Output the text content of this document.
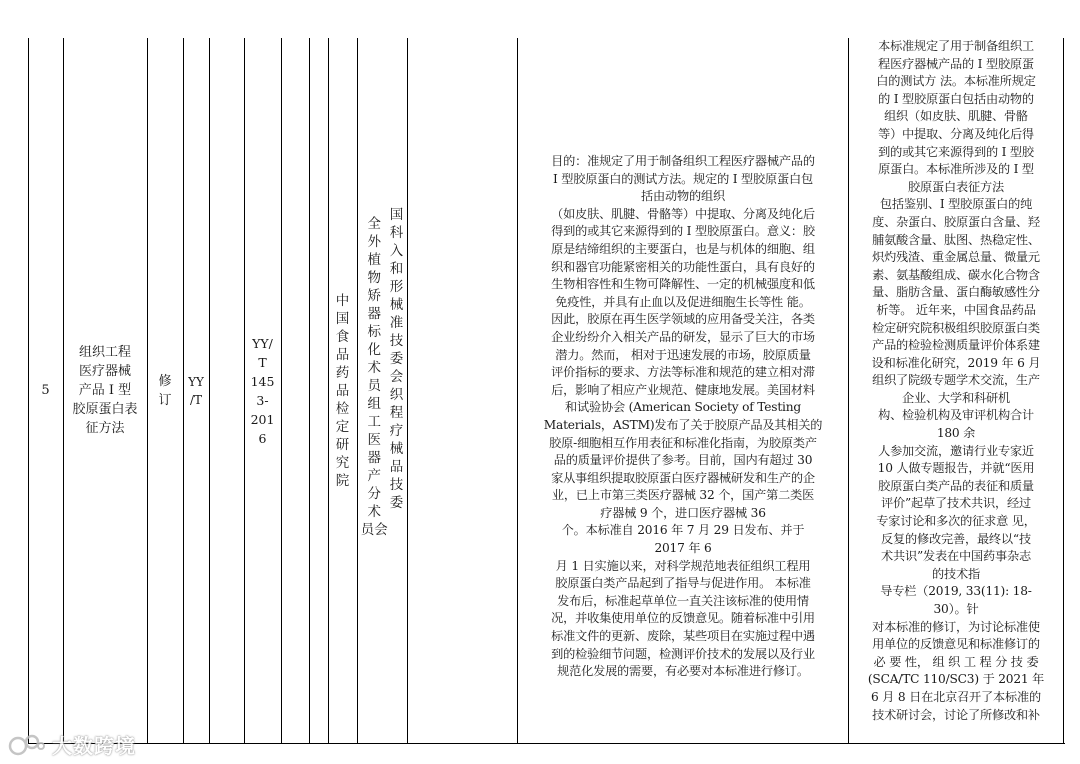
5
组织工程
医疗器械
产品 I 型
胶原蛋白表
征方法
修
订
YY
/T
YY/
T
145
3-
201
6
中
国
食
品
药
品
检
定
研
究
院
全
外
植
物
矫
器
标
化
术
员
组
工
医
器
产
分
术
员会
国
科
入
和
形
械
准
技
委
会
织
程
疗
械
品
技
委
目的：准规定了用于制备组织工程医疗器械产品的
I 型胶原蛋白的测试方法。规定的 I 型胶原蛋白包
括由动物的组织
（如皮肤、肌腱、骨骼等）中提取、分离及纯化后
得到的或其它来源得到的 I 型胶原蛋白。意义：胶
原是结缔组织的主要蛋白，也是与机体的细胞、组
织和器官功能紧密相关的功能性蛋白，具有良好的
生物相容性和生物可降解性、一定的机械强度和低
免疫性，并具有止血以及促进细胞生长等性 能。
因此，胶原在再生医学领域的应用备受关注，各类
企业纷纷介入相关产品的研发，显示了巨大的市场
潜力。然而， 相对于迅速发展的市场，胶原质量
评价指标的要求、方法等标准和规范的建立相对滞
后，影响了相应产业规范、健康地发展。美国材料
和试验协会 (American Society of Testing
Materials，ASTM)发布了关于胶原产品及其相关的
胶原-细胞相互作用表征和标准化指南，为胶原类产
品的质量评价提供了参考。目前，国内有超过 30
家从事组织提取胶原蛋白医疗器械研发和生产的企
业，已上市第三类医疗器械 32 个，国产第二类医
疗器械 9 个，进口医疗器械 36
个。本标准自 2016 年 7 月 29 日发布、并于
2017 年 6
月 1 日实施以来，对科学规范地表征组织工程用
胶原蛋白类产品起到了指导与促进作用。 本标准
发布后，标准起草单位一直关注该标准的使用情
况，并收集使用单位的反馈意见。随着标准中引用
标准文件的更新、废除，某些项目在实施过程中遇
到的检验细节问题，检测评价技术的发展以及行业
规范化发展的需要，有必要对本标准进行修订。
本标准规定了用于制备组织工
程医疗器械产品的 I 型胶原蛋
白的测试方 法。本标准所规定
的 I 型胶原蛋白包括由动物的
组织（如皮肤、肌腱、骨骼
等）中提取、分离及纯化后得
到的或其它来源得到的 I 型胶
原蛋白。本标准所涉及的 I 型
胶原蛋白表征方法
包括鉴别、I 型胶原蛋白的纯
度、杂蛋白、胶原蛋白含量、羟
脯氨酸含量、肽图、热稳定性、
炽灼残渣、重金属总量、微量元
素、氨基酸组成、碳水化合物含
量、脂肪含量、蛋白酶敏感性分
析等。 近年来，中国食品药品
检定研究院积极组织胶原蛋白类
产品的检验检测质量评价体系建
设和标准化研究，2019 年 6 月
组织了院级专题学术交流，生产
企业、大学和科研机
构、检验机构及审评机构合计
180 余
人参加交流，邀请行业专家近
10 人做专题报告，并就“医用
胶原蛋白类产品的表征和质量
评价”起草了技术共识，经过
专家讨论和多次的征求意 见，
反复的修改完善，最终以“技
术共识”发表在中国药事杂志
的技术指
导专栏（2019, 33(11): 18-
30）。针
对本标准的修订，为讨论标准使
用单位的反馈意见和标准修订的
必 要 性， 组 织 工 程 分 技 委
(SCA/TC 110/SC3) 于 2021 年
6 月 8 日在北京召开了本标准的
技术研讨会，讨论了所修改和补
大数跨境
